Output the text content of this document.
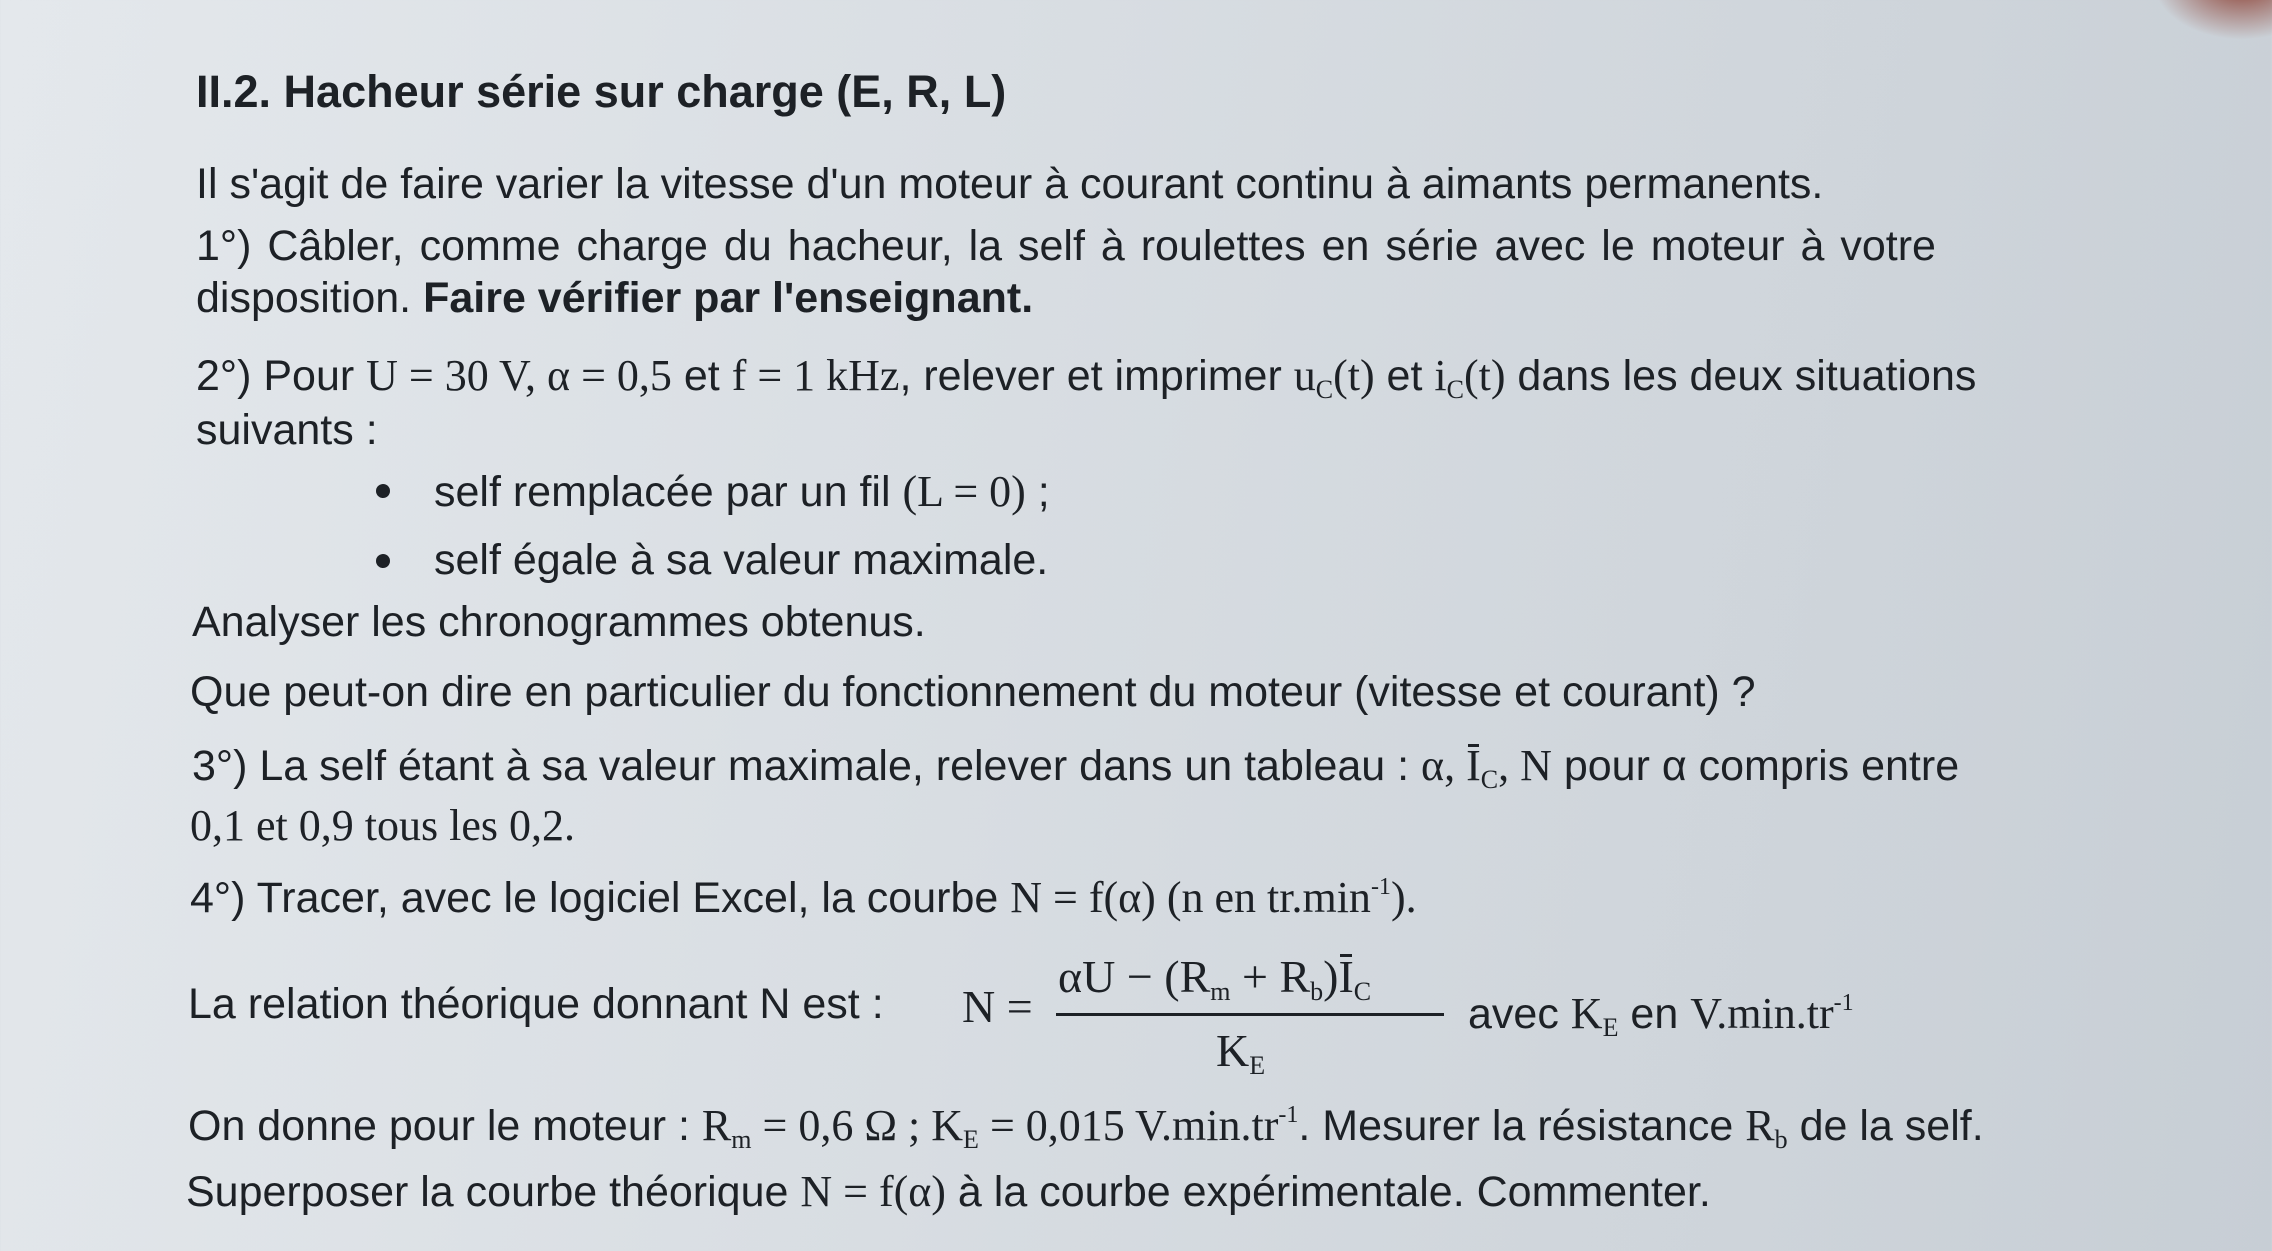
II.2. Hacheur série sur charge (E, R, L)
Il s'agit de faire varier la vitesse d'un moteur à courant continu à aimants permanents.
1°) Câbler, comme charge du hacheur, la self à roulettes en série avec le moteur à votre
disposition. Faire vérifier par l'enseignant.
2°) Pour U = 30 V, α = 0,5 et f = 1 kHz, relever et imprimer $u_C(t)$ et $i_C(t)$ dans les deux situations
suivants :
self remplacée par un fil (L = 0) ;
self égale à sa valeur maximale.
Analyser les chronogrammes obtenus.
Que peut-on dire en particulier du fonctionnement du moteur (vitesse et courant) ?
3°) La self étant à sa valeur maximale, relever dans un tableau : α, $I_C$, N pour α compris entre
0,1 et 0,9 tous les 0,2.
4°) Tracer, avec le logiciel Excel, la courbe N = f(α) (n en $tr.\min^{-1}$).
La relation théorique donnant N est : N =
$\alpha U - (R_m + R_b)I_C$
$K_E$
avec $K_E$ en $V.\min.tr^{-1}$
On donne pour le moteur : $R_m = 0,6$ Ω ; $K_E = 0,015$ $V.\min.tr^{-1}$. Mesurer la résistance $R_b$ de la self.
Superposer la courbe théorique N = f(α) à la courbe expérimentale. Commenter.
